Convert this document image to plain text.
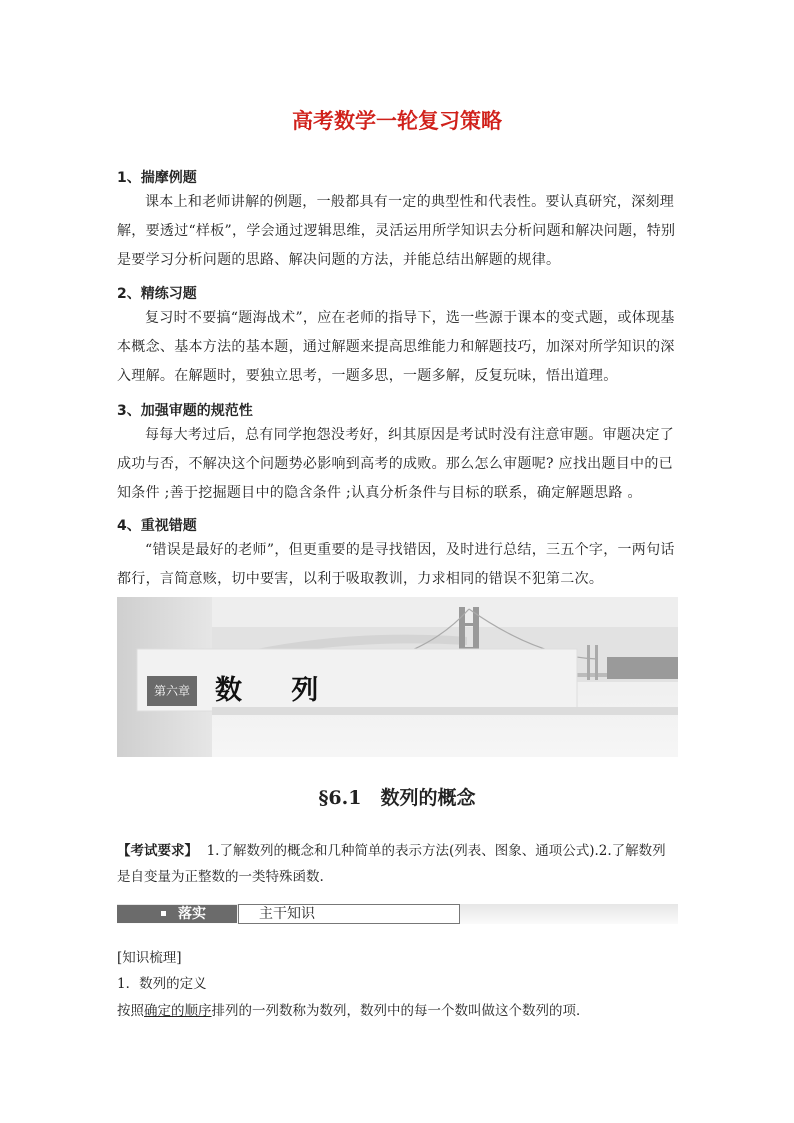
高考数学一轮复习策略
1、揣摩例题
课本上和老师讲解的例题，一般都具有一定的典型性和代表性。要认真研究，深刻理解，要透过“样板”，学会通过逻辑思维，灵活运用所学知识去分析问题和解决问题，特别是要学习分析问题的思路、解决问题的方法，并能总结出解题的规律。
2、精练习题
复习时不要搞“题海战术”，应在老师的指导下，选一些源于课本的变式题，或体现基本概念、基本方法的基本题，通过解题来提高思维能力和解题技巧，加深对所学知识的深入理解。在解题时，要独立思考，一题多思，一题多解，反复玩味，悟出道理。
3、加强审题的规范性
每每大考过后，总有同学抱怨没考好，纠其原因是考试时没有注意审题。审题决定了成功与否，不解决这个问题势必影响到高考的成败。那么怎么审题呢? 应找出题目中的已知条件 ;善于挖掘题目中的隐含条件 ;认真分析条件与目标的联系，确定解题思路 。
4、重视错题
“错误是最好的老师”，但更重要的是寻找错因，及时进行总结，三五个字，一两句话都行，言简意赅，切中要害，以利于吸取教训，力求相同的错误不犯第二次。
第六章 数 列
§6.1　数列的概念
【考试要求】 1.了解数列的概念和几种简单的表示方法(列表、图象、通项公式).2.了解数列是自变量为正整数的一类特殊函数.
落实	主干知识
[知识梳理]
1．数列的定义
按照确定的顺序排列的一列数称为数列，数列中的每一个数叫做这个数列的项．
